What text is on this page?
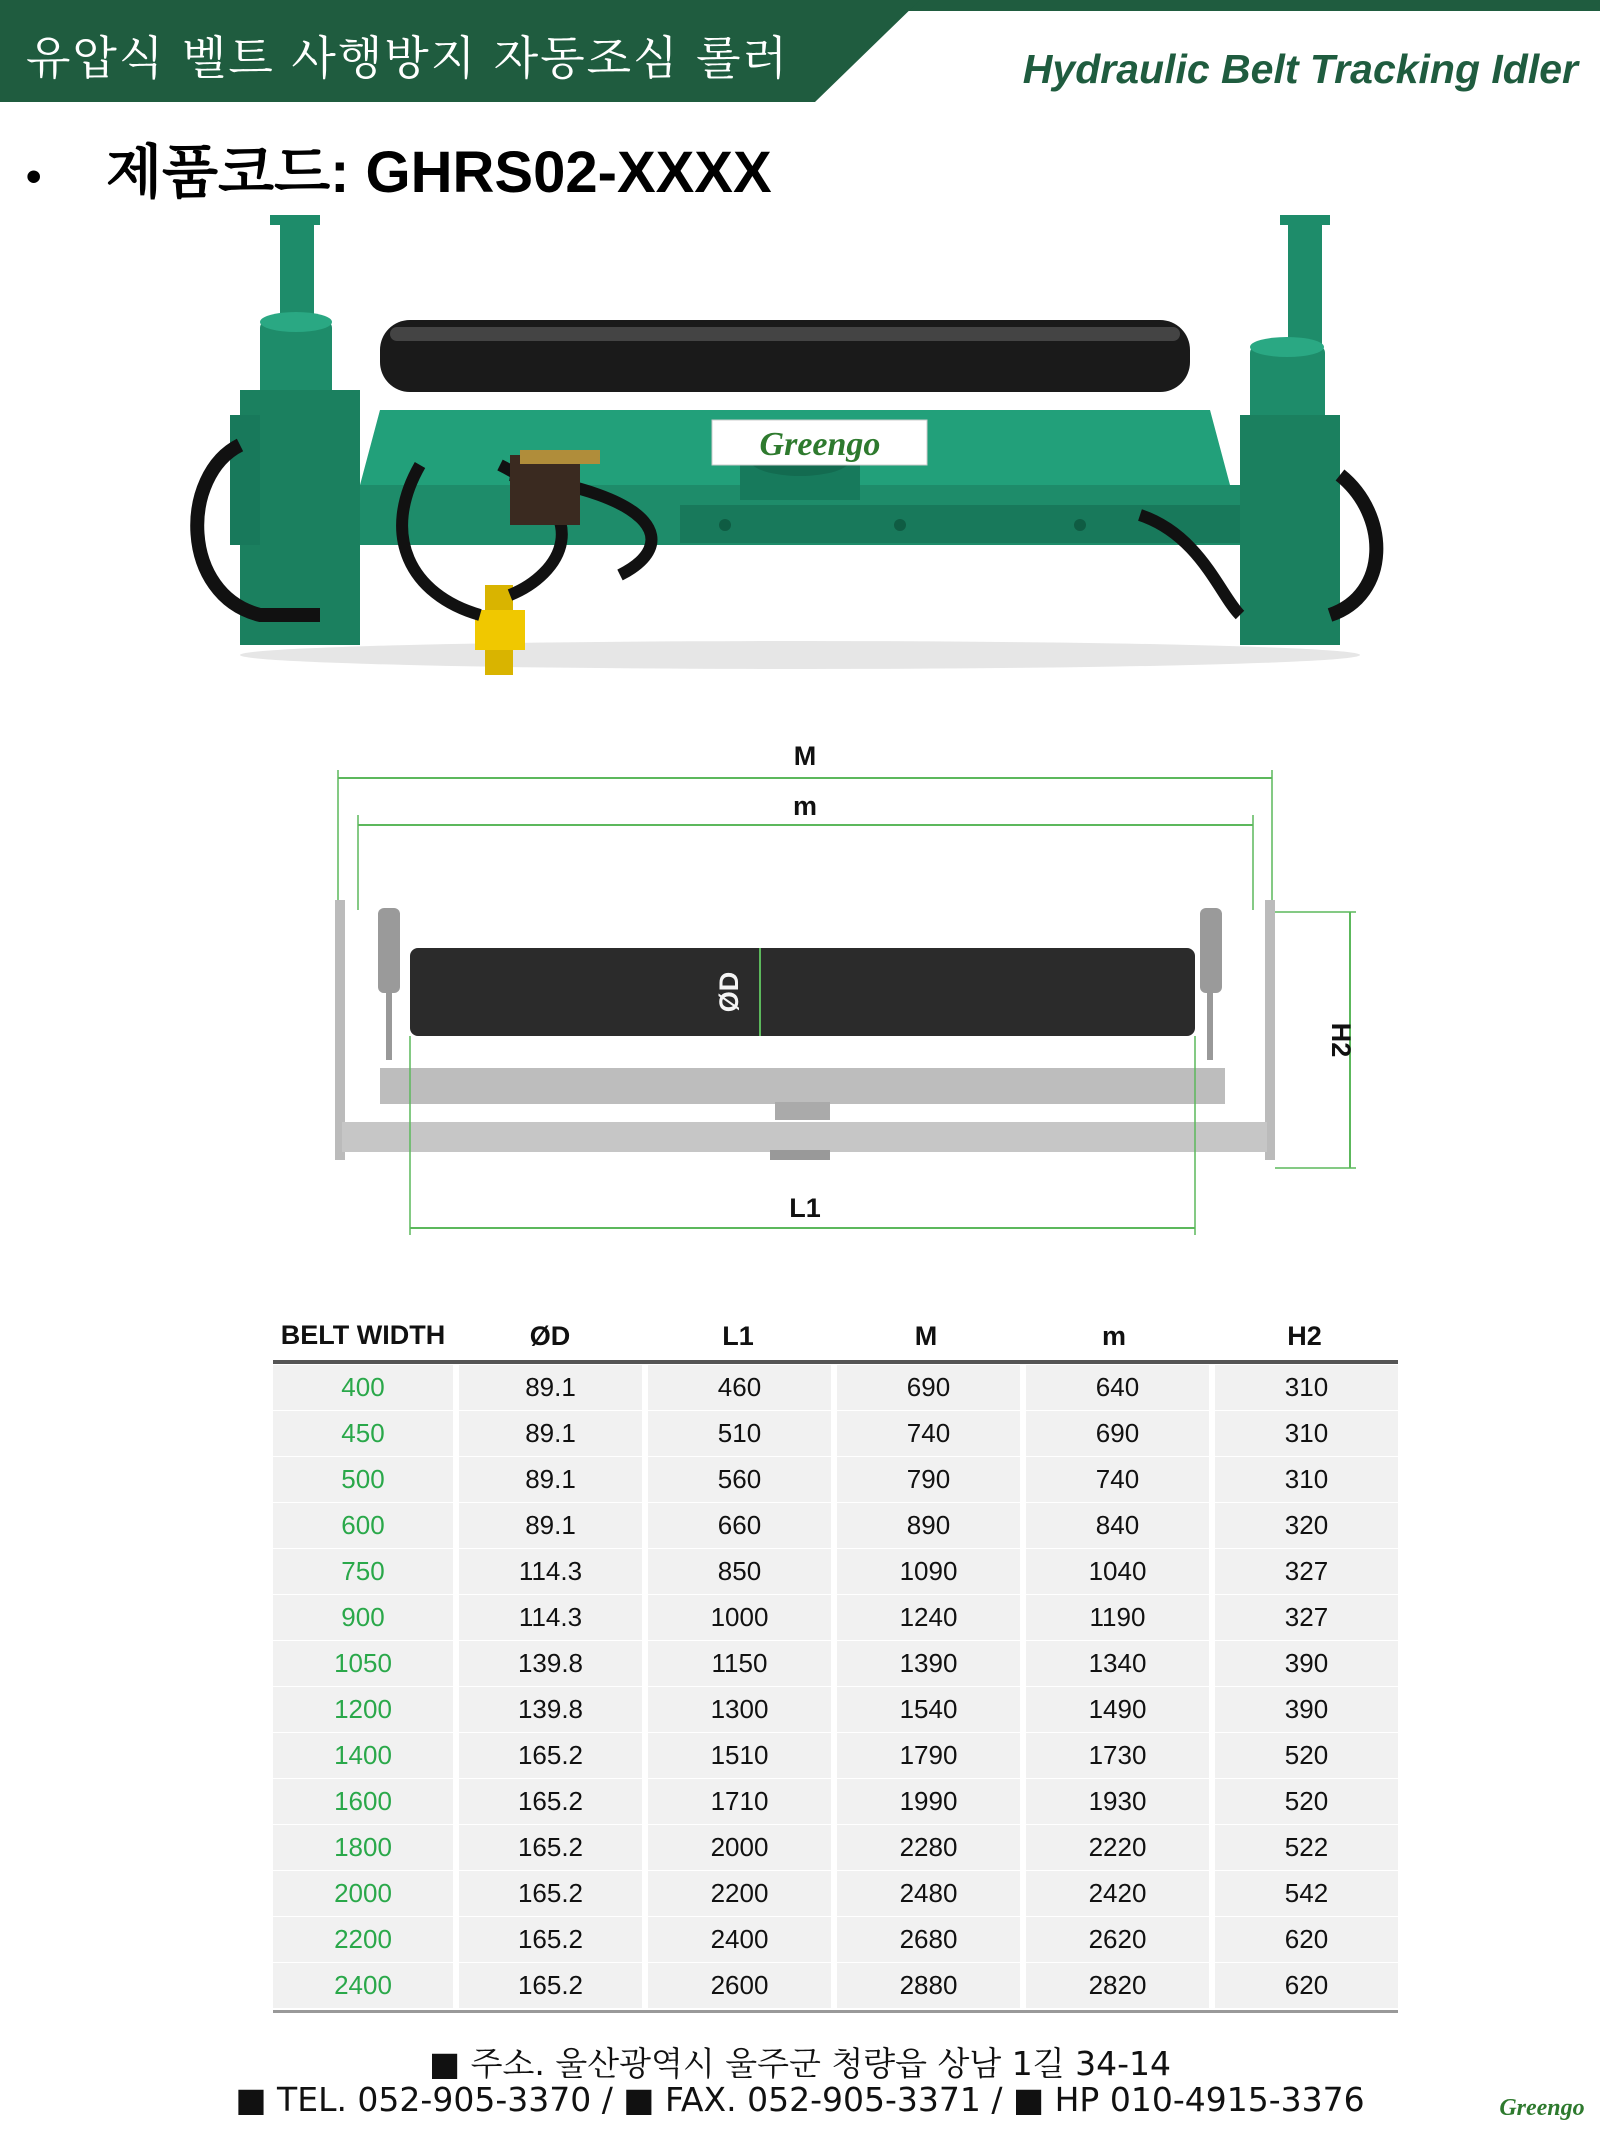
유압식 벨트 사행방지 자동조심 롤러	Hydraulic Belt Tracking Idler
• 제품코드: GHRS02-XXXX
Greengo
M
m
ØD
H2
L1
BELT WIDTH	ØD	L1	M	m	H2
400	89.1	460	690	640	310
450	89.1	510	740	690	310
500	89.1	560	790	740	310
600	89.1	660	890	840	320
750	114.3	850	1090	1040	327
900	114.3	1000	1240	1190	327
1050	139.8	1150	1390	1340	390
1200	139.8	1300	1540	1490	390
1400	165.2	1510	1790	1730	520
1600	165.2	1710	1990	1930	520
1800	165.2	2000	2280	2220	522
2000	165.2	2200	2480	2420	542
2200	165.2	2400	2680	2620	620
2400	165.2	2600	2880	2820	620
■ 주소. 울산광역시 울주군 청량읍 상남 1길 34-14
■ TEL. 052-905-3370 / ■ FAX. 052-905-3371 / ■ HP 010-4915-3376	Greengo
